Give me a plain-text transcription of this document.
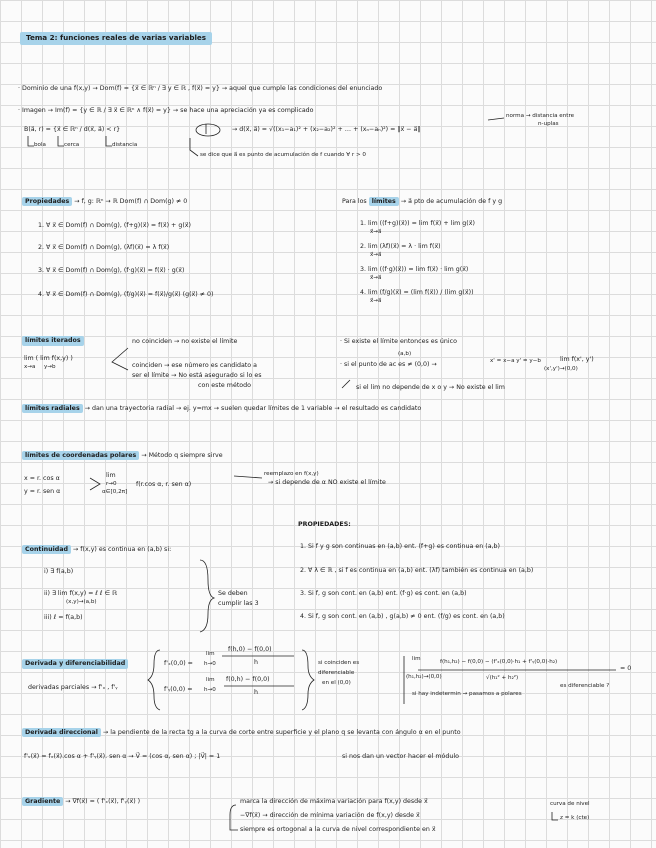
Tema 2: funciones reales de varias variables
· Dominio de una f(x,y) → Dom(f) = {x⃗ ∈ ℝⁿ / ∃ y ∈ ℝ , f(x⃗) = y} → aquel que cumple las condiciones del enunciado
· Imagen → Im(f) = {y ∈ ℝ / ∃ x⃗ ∈ ℝⁿ ∧ f(x⃗) = y} → se hace una apreciación ya es complicado
B(a⃗, r) = {x⃗ ∈ ℝⁿ / d(x⃗, a⃗) < r}	→ d(x⃗, a⃗) = √((x₁−a₁)² + (x₂−a₂)² + … + (xₙ−aₙ)²) = ‖x⃗ − a⃗‖
norma → distancia entre
n-uplas
bola	cerca	distancia
se dice que a⃗ es punto de acumulación de f cuando ∀ r > 0
Propiedades → f, g: ℝⁿ → ℝ Dom(f) ∩ Dom(g) ≠ 0
1. ∀ x⃗ ∈ Dom(f) ∩ Dom(g), (f+g)(x⃗) = f(x⃗) + g(x⃗)
2. ∀ x⃗ ∈ Dom(f) ∩ Dom(g), (λf)(x⃗) = λ f(x⃗)
3. ∀ x⃗ ∈ Dom(f) ∩ Dom(g), (f·g)(x⃗) = f(x⃗) · g(x⃗)
4. ∀ x⃗ ∈ Dom(f) ∩ Dom(g), (f/g)(x⃗) = f(x⃗)/g(x⃗) (g(x⃗) ≠ 0)
Para los límites → a⃗ pto de acumulación de f y g
1. lim ((f+g)(x⃗)) = lim f(x⃗) + lim g(x⃗)
x⃗→a⃗
2. lim (λf)(x⃗) = λ · lim f(x⃗)
x⃗→a⃗
3. lim ((f·g)(x⃗)) = lim f(x⃗) · lim g(x⃗)
x⃗→a⃗
4. lim (f/g)(x⃗) = (lim f(x⃗)) / (lim g(x⃗))
x⃗→a⃗
límites iterados
lim ( lim f(x,y) )
x→a y→b
no coinciden → no existe el límite
coinciden → ese número es candidato a
ser el límite → No está asegurado si lo es
con este método
· Si existe el límite entonces es único
(a,b)
· si el punto de ac es ≠ (0,0) →	x' = x−a y' = y−b	lim f(x', y')
(x',y')→(0,0)
si el lim no depende de x o y → No existe el lim
límites radiales → dan una trayectoria radial → ej. y=mx → suelen quedar límites de 1 variable → el resultado es candidato
límites de coordenadas polares → Método q siempre sirve
x = r. cos α
y = r. sen α
lim
r→0
α∈[0,2π]
f(r.cos α, r. sen α)
reemplazo en f(x,y)
→ si depende de α NO existe el límite
PROPIEDADES:
Continuidad → f(x,y) es continua en (a,b) si:
i) ∃ f(a,b)
ii) ∃ lim f(x,y) = ℓ ℓ ∈ ℝ
(x,y)→(a,b)
iii) ℓ = f(a,b)
Se deben
cumplir las 3
1. Si f y g son continuas en (a,b) ent. (f+g) es continua en (a,b)
2. ∀ λ ∈ ℝ , si f es continua en (a,b) ent. (λf) también es continua en (a,b)
3. Si f, g son cont. en (a,b) ent. (f·g) es cont. en (a,b)
4. Si f, g son cont. en (a,b) , g(a,b) ≠ 0 ent. (f/g) es cont. en (a,b)
Derivada y diferenciabilidad
derivadas parciales → f'ₓ , f'ᵧ
f'ₓ(0,0) =
f'ᵧ(0,0) =
lim
h→0
lim
h→0
f(h,0) − f(0,0)
h
f(0,h) − f(0,0)
h
si coinciden es
diferenciable
en el (0,0)
lim
(h₁,h₂)→(0,0)
f(h₁,h₂) − f(0,0) − (f'ₓ(0,0)·h₁ + f'ᵧ(0,0)·h₂)
√(h₁² + h₂²)
= 0
es diferenciable ?
si hay indetermin → pasamos a polares
Derivada direccional → la pendiente de la recta tg a la curva de corte entre superficie y el plano q se levanta con ángulo α en el punto
f'ᵥ(x⃗) = fₓ(x⃗).cos α + f'ᵧ(x⃗). sen α → V⃗ = (cos α, sen α) ; |V⃗| = 1	si nos dan un vector hacer el módulo
Gradiente → ∇f(x⃗) = ( f'ₓ(x⃗), f'ᵧ(x⃗) )	marca la dirección de máxima variación para f(x,y) desde x⃗
−∇f(x⃗) → dirección de mínima variación de f(x,y) desde x⃗
siempre es ortogonal a la curva de nivel correspondiente en x⃗
curva de nivel
z = k (cte)
